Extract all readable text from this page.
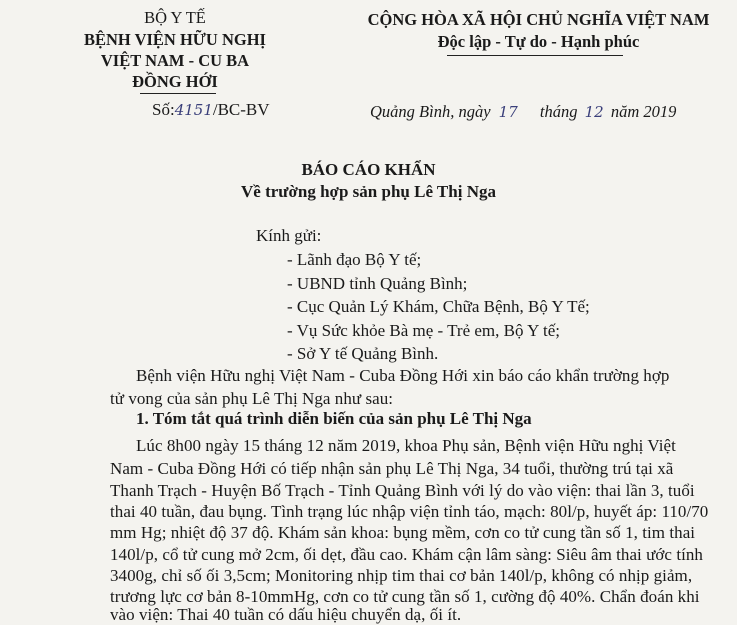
BỘ Y TẾ
BỆNH VIỆN HỮU NGHỊ
VIỆT NAM - CU BA
ĐỒNG HỚI
Số:4151/BC-BV
CỘNG HÒA XÃ HỘI CHỦ NGHĨA VIỆT NAM
Độc lập - Tự do - Hạnh phúc
Quảng Bình, ngày 17 tháng 12 năm 2019
BÁO CÁO KHẨN
Về trường hợp sản phụ Lê Thị Nga
Kính gửi:
- Lãnh đạo Bộ Y tế;
- UBND tỉnh Quảng Bình;
- Cục Quản Lý Khám, Chữa Bệnh, Bộ Y Tế;
- Vụ Sức khỏe Bà mẹ - Trẻ em, Bộ Y tế;
- Sở Y tế Quảng Bình.
Bệnh viện Hữu nghị Việt Nam - Cuba Đồng Hới xin báo cáo khẩn trường hợp
tử vong của sản phụ Lê Thị Nga như sau:
1. Tóm tắt quá trình diễn biến của sản phụ Lê Thị Nga
Lúc 8h00 ngày 15 tháng 12 năm 2019, khoa Phụ sản, Bệnh viện Hữu nghị Việt
Nam - Cuba Đồng Hới có tiếp nhận sản phụ Lê Thị Nga, 34 tuổi, thường trú tại xã
Thanh Trạch - Huyện Bố Trạch - Tỉnh Quảng Bình với lý do vào viện: thai lần 3, tuổi
thai 40 tuần, đau bụng. Tình trạng lúc nhập viện tỉnh táo, mạch: 80l/p, huyết áp: 110/70
mm Hg; nhiệt độ 37 độ. Khám sản khoa: bụng mềm, cơn co tử cung tần số 1, tim thai
140l/p, cổ tử cung mở 2cm, ối dẹt, đầu cao. Khám cận lâm sàng: Siêu âm thai ước tính
3400g, chỉ số ối 3,5cm; Monitoring nhịp tim thai cơ bản 140l/p, không có nhịp giảm,
trương lực cơ bản 8-10mmHg, cơn co tử cung tần số 1, cường độ 40%. Chẩn đoán khi
vào viện: Thai 40 tuần có dấu hiệu chuyển dạ, ối ít.
